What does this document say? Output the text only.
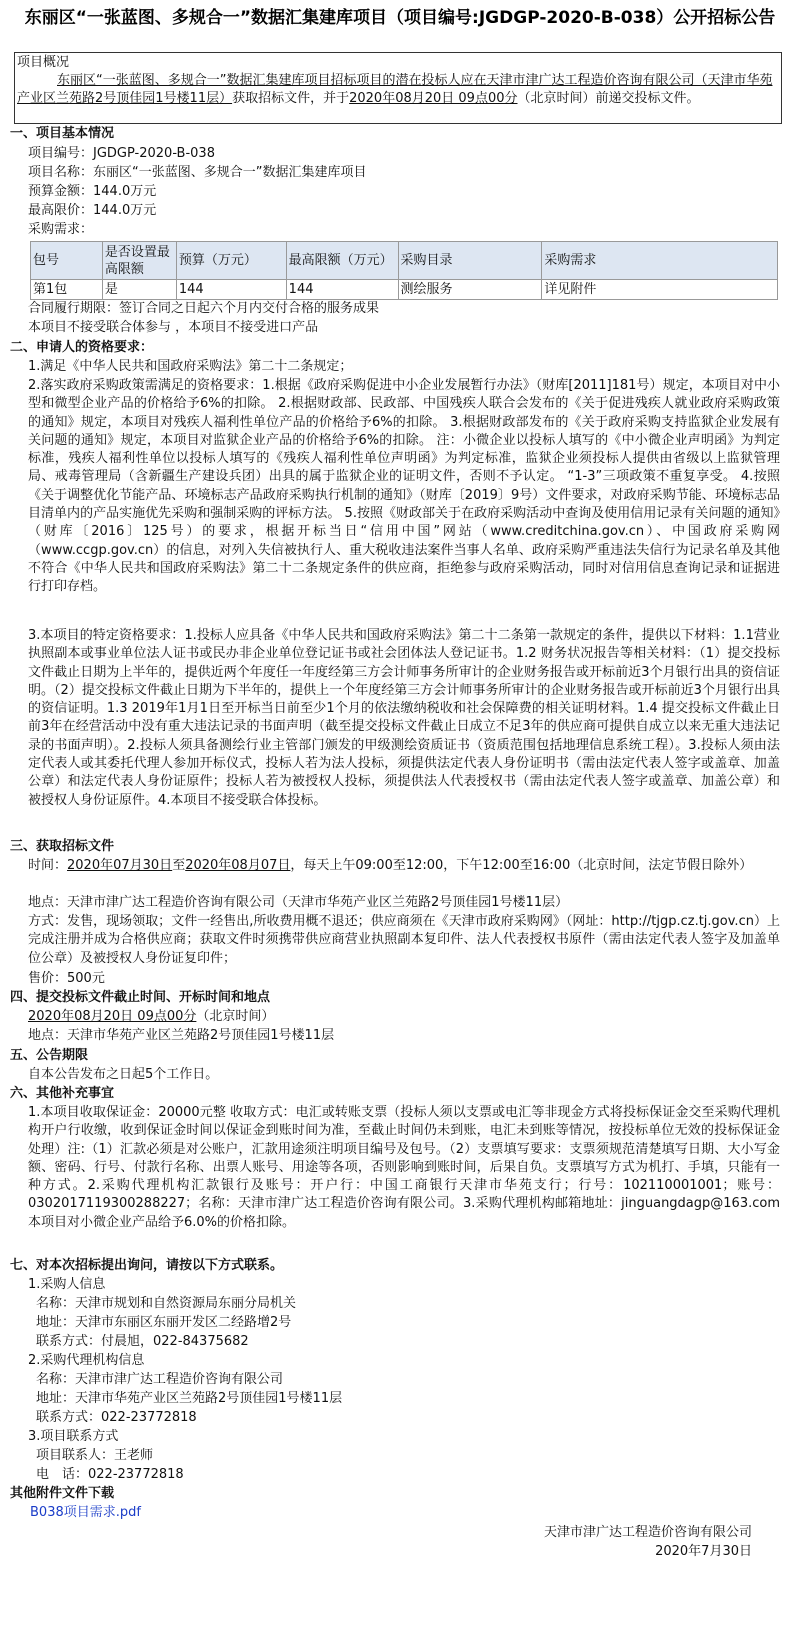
东丽区“一张蓝图、多规合一”数据汇集建库项目（项目编号:JGDGP-2020-B-038）公开招标公告
项目概况
东丽区“一张蓝图、多规合一”数据汇集建库项目招标项目的潜在投标人应在天津市津广达工程造价咨询有限公司（天津市华苑产业区兰苑路2号顶佳园1号楼11层）获取招标文件，并于2020年08月20日 09点00分（北京时间）前递交投标文件。
一、项目基本情况
项目编号：JGDGP-2020-B-038
项目名称：东丽区“一张蓝图、多规合一”数据汇集建库项目
预算金额：144.0万元
最高限价：144.0万元
采购需求：
包号	是否设置最高限额	预算（万元）	最高限额（万元）	采购目录	采购需求
第1包	是	144	144	测绘服务	详见附件
合同履行期限：签订合同之日起六个月内交付合格的服务成果
本项目不接受联合体参与 ，本项目不接受进口产品
二、申请人的资格要求：
1.满足《中华人民共和国政府采购法》第二十二条规定；
2.落实政府采购政策需满足的资格要求：1.根据《政府采购促进中小企业发展暂行办法》（财库[2011]181号）规定，本项目对中小型和微型企业产品的价格给予6%的扣除。 2.根据财政部、民政部、中国残疾人联合会发布的《关于促进残疾人就业政府采购政策的通知》规定，本项目对残疾人福利性单位产品的价格给予6%的扣除。 3.根据财政部发布的《关于政府采购支持监狱企业发展有关问题的通知》规定，本项目对监狱企业产品的价格给予6%的扣除。 注：小微企业以投标人填写的《中小微企业声明函》为判定标准，残疾人福利性单位以投标人填写的《残疾人福利性单位声明函》为判定标准，监狱企业须投标人提供由省级以上监狱管理局、戒毒管理局（含新疆生产建设兵团）出具的属于监狱企业的证明文件，否则不予认定。 “1-3”三项政策不重复享受。 4.按照《关于调整优化节能产品、环境标志产品政府采购执行机制的通知》（财库〔2019〕9号）文件要求，对政府采购节能、环境标志品目清单内的产品实施优先采购和强制采购的评标方法。 5.按照《财政部关于在政府采购活动中查询及使用信用记录有关问题的通知》（财库〔2016〕125号）的要求，根据开标当日“信用中国”网站（www.creditchina.gov.cn）、中国政府采购网（www.ccgp.gov.cn）的信息，对列入失信被执行人、重大税收违法案件当事人名单、政府采购严重违法失信行为记录名单及其他不符合《中华人民共和国政府采购法》第二十二条规定条件的供应商，拒绝参与政府采购活动，同时对信用信息查询记录和证据进行打印存档。
3.本项目的特定资格要求：1.投标人应具备《中华人民共和国政府采购法》第二十二条第一款规定的条件，提供以下材料：1.1营业执照副本或事业单位法人证书或民办非企业单位登记证书或社会团体法人登记证书。1.2 财务状况报告等相关材料：（1）提交投标文件截止日期为上半年的，提供近两个年度任一年度经第三方会计师事务所审计的企业财务报告或开标前近3个月银行出具的资信证明。（2）提交投标文件截止日期为下半年的，提供上一个年度经第三方会计师事务所审计的企业财务报告或开标前近3个月银行出具的资信证明。1.3 2019年1月1日至开标当日前至少1个月的依法缴纳税收和社会保障费的相关证明材料。1.4 提交投标文件截止日前3年在经营活动中没有重大违法记录的书面声明（截至提交投标文件截止日成立不足3年的供应商可提供自成立以来无重大违法记录的书面声明）。2.投标人须具备测绘行业主管部门颁发的甲级测绘资质证书（资质范围包括地理信息系统工程）。3.投标人须由法定代表人或其委托代理人参加开标仪式，投标人若为法人投标，须提供法定代表人身份证明书（需由法定代表人签字或盖章、加盖公章）和法定代表人身份证原件；投标人若为被授权人投标，须提供法人代表授权书（需由法定代表人签字或盖章、加盖公章）和被授权人身份证原件。4.本项目不接受联合体投标。
三、获取招标文件
时间：2020年07月30日至2020年08月07日，每天上午09:00至12:00，下午12:00至16:00（北京时间，法定节假日除外）
地点：天津市津广达工程造价咨询有限公司（天津市华苑产业区兰苑路2号顶佳园1号楼11层）
方式：发售，现场领取；文件一经售出,所收费用概不退还；供应商须在《天津市政府采购网》（网址：http://tjgp.cz.tj.gov.cn）上完成注册并成为合格供应商；获取文件时须携带供应商营业执照副本复印件、法人代表授权书原件（需由法定代表人签字及加盖单位公章）及被授权人身份证复印件；
售价：500元
四、提交投标文件截止时间、开标时间和地点
2020年08月20日 09点00分（北京时间）
地点：天津市华苑产业区兰苑路2号顶佳园1号楼11层
五、公告期限
自本公告发布之日起5个工作日。
六、其他补充事宜
1.本项目收取保证金：20000元整 收取方式：电汇或转账支票（投标人须以支票或电汇等非现金方式将投标保证金交至采购代理机构开户行收缴，收到保证金时间以保证金到账时间为准，至截止时间仍未到账，电汇未到账等情况，按投标单位无效的投标保证金处理）注:（1）汇款必须是对公账户，汇款用途须注明项目编号及包号。（2）支票填写要求：支票须规范清楚填写日期、大小写金额、密码、行号、付款行名称、出票人账号、用途等各项，否则影响到账时间，后果自负。支票填写方式为机打、手填，只能有一种方式。2.采购代理机构汇款银行及账号：开户行：中国工商银行天津市华苑支行；行号：102110001001；账号：0302017119300288227；名称：天津市津广达工程造价咨询有限公司。3.采购代理机构邮箱地址：jinguangdagp@163.com 本项目对小微企业产品给予6.0%的价格扣除。
七、对本次招标提出询问，请按以下方式联系。
1.采购人信息
名称：天津市规划和自然资源局东丽分局机关
地址：天津市东丽区东丽开发区二经路增2号
联系方式：付晨旭，022-84375682
2.采购代理机构信息
名称：天津市津广达工程造价咨询有限公司
地址：天津市华苑产业区兰苑路2号顶佳园1号楼11层
联系方式：022-23772818
3.项目联系方式
项目联系人：王老师
电　话：022-23772818
其他附件文件下载
B038项目需求.pdf
天津市津广达工程造价咨询有限公司
2020年7月30日
